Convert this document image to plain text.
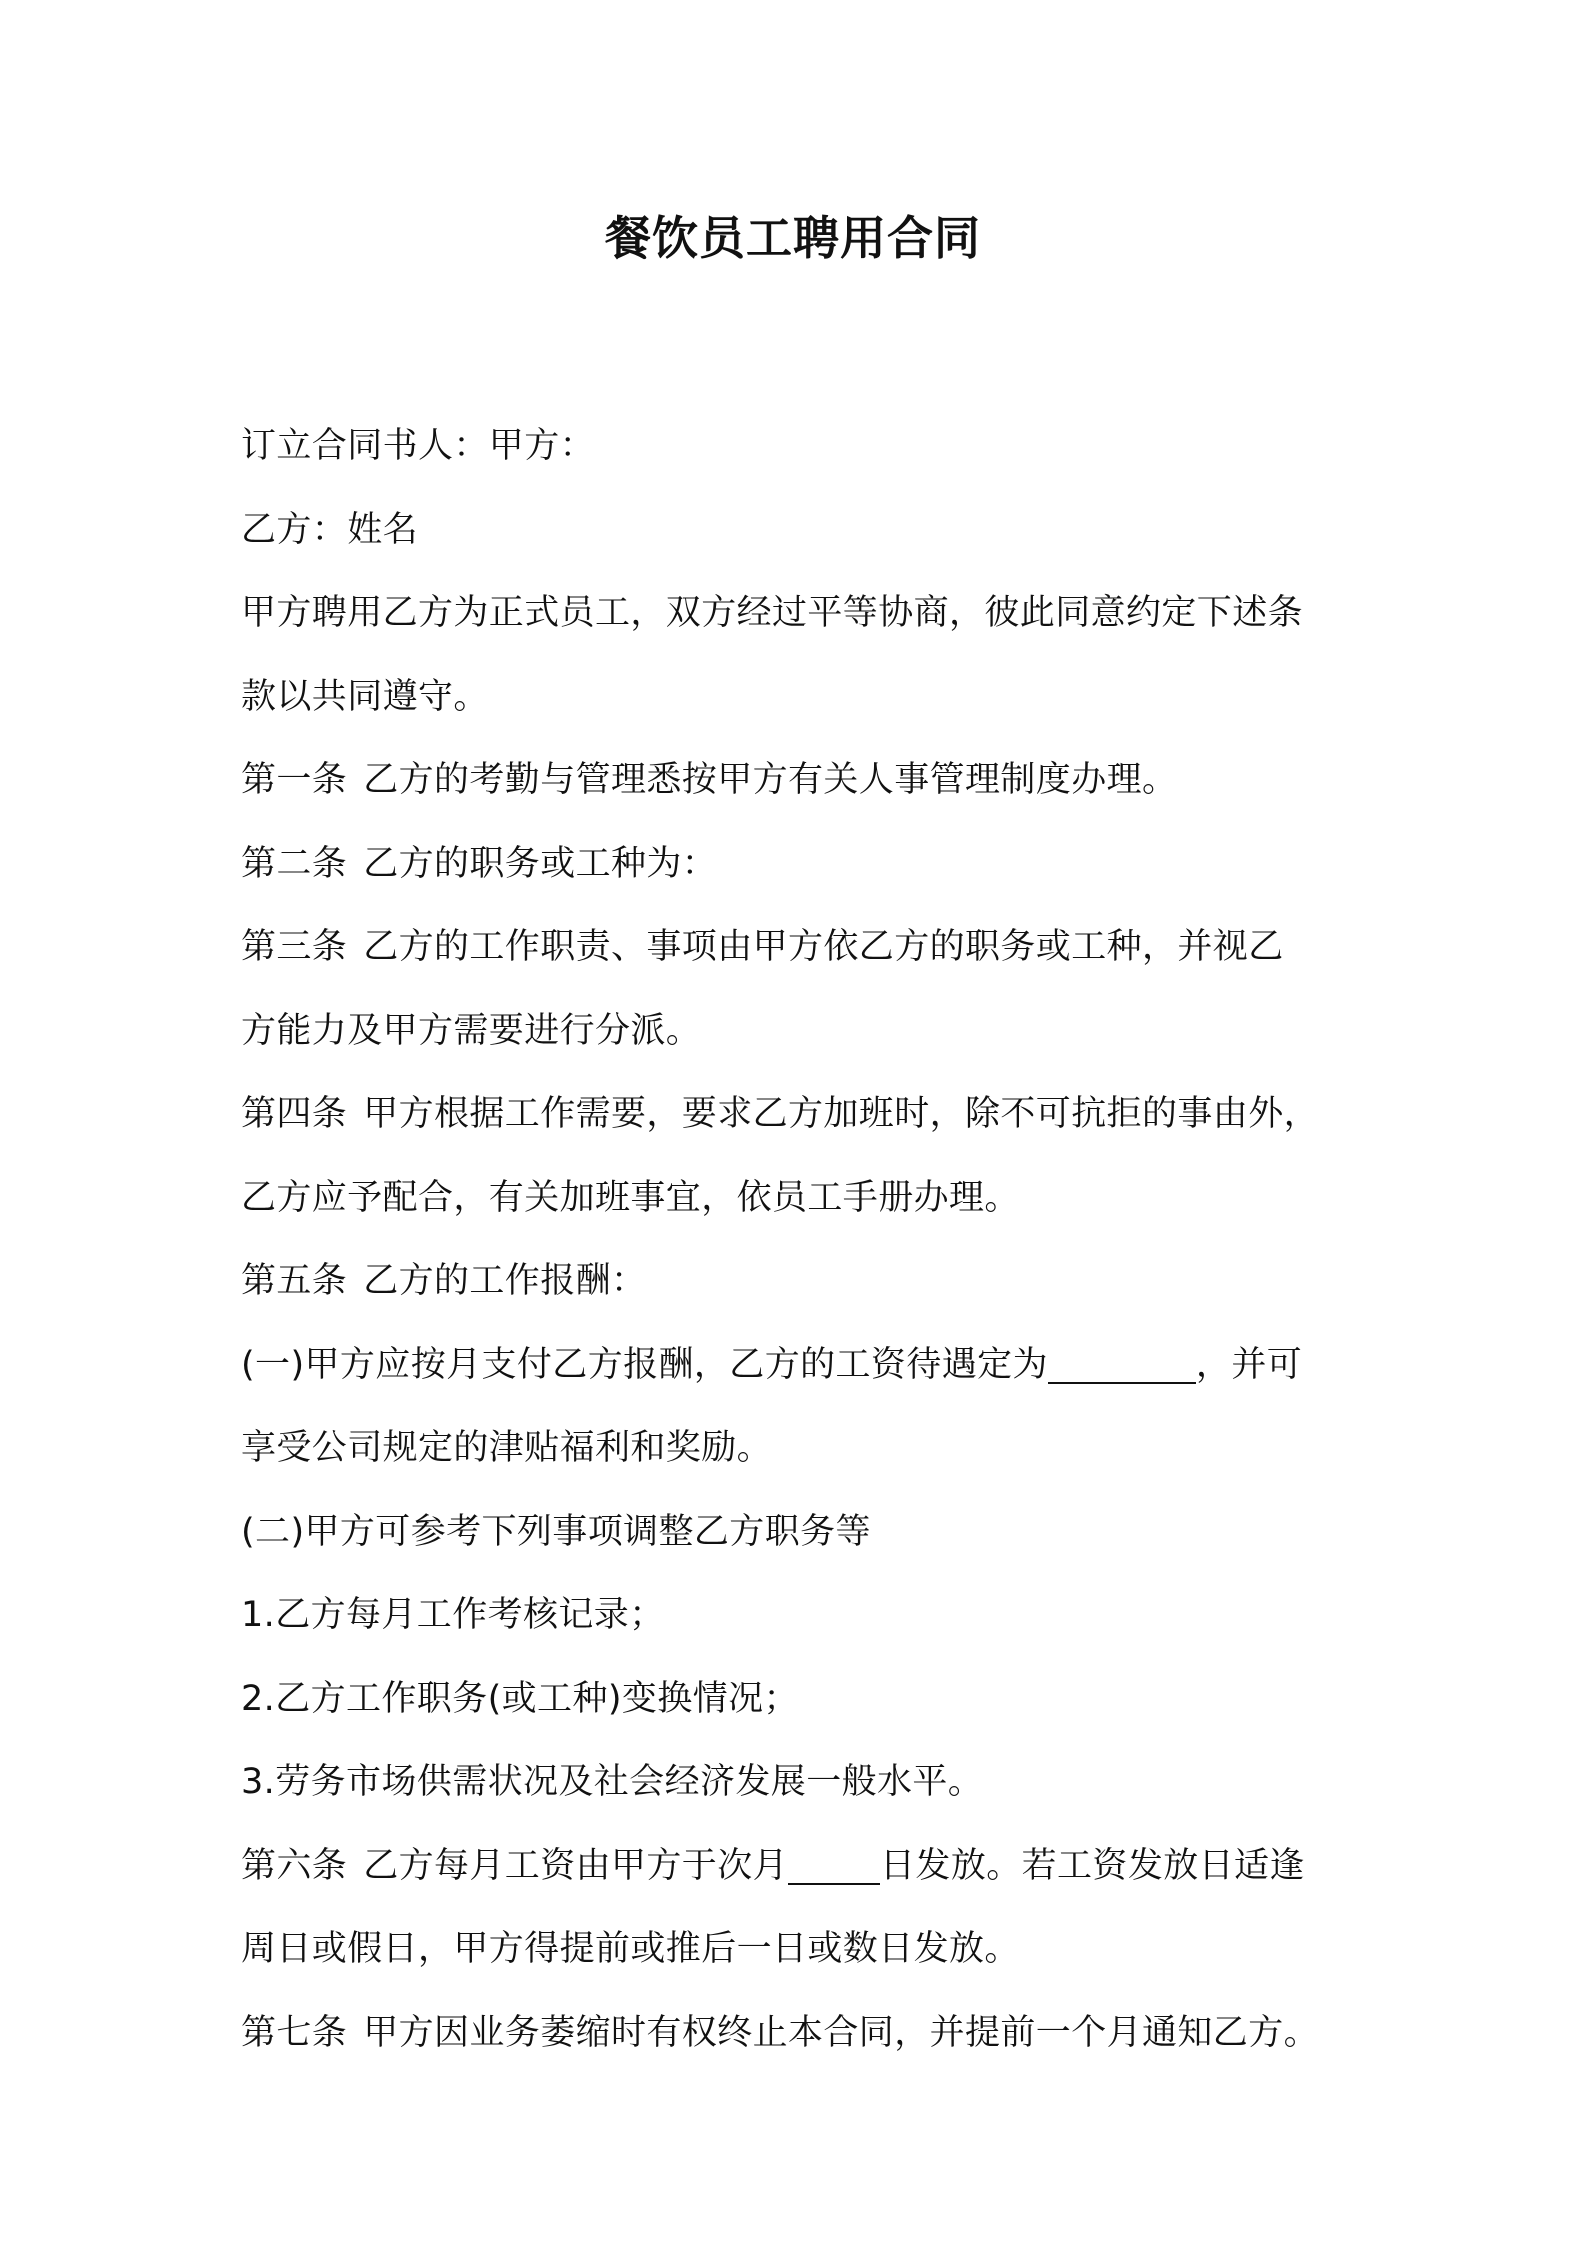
餐饮员工聘用合同
订立合同书人：甲方：
乙方：姓名
甲方聘用乙方为正式员工，双方经过平等协商，彼此同意约定下述条
款以共同遵守。
第一条 乙方的考勤与管理悉按甲方有关人事管理制度办理。
第二条 乙方的职务或工种为：
第三条 乙方的工作职责、事项由甲方依乙方的职务或工种，并视乙
方能力及甲方需要进行分派。
第四条 甲方根据工作需要，要求乙方加班时，除不可抗拒的事由外，
乙方应予配合，有关加班事宜，依员工手册办理。
第五条 乙方的工作报酬：
(一)甲方应按月支付乙方报酬，乙方的工资待遇定为	，并可
享受公司规定的津贴福利和奖励。
(二)甲方可参考下列事项调整乙方职务等
1.乙方每月工作考核记录；
2.乙方工作职务(或工种)变换情况；
3.劳务市场供需状况及社会经济发展一般水平。
第六条 乙方每月工资由甲方于次月	日发放。若工资发放日适逢
周日或假日，甲方得提前或推后一日或数日发放。
第七条 甲方因业务萎缩时有权终止本合同，并提前一个月通知乙方。
